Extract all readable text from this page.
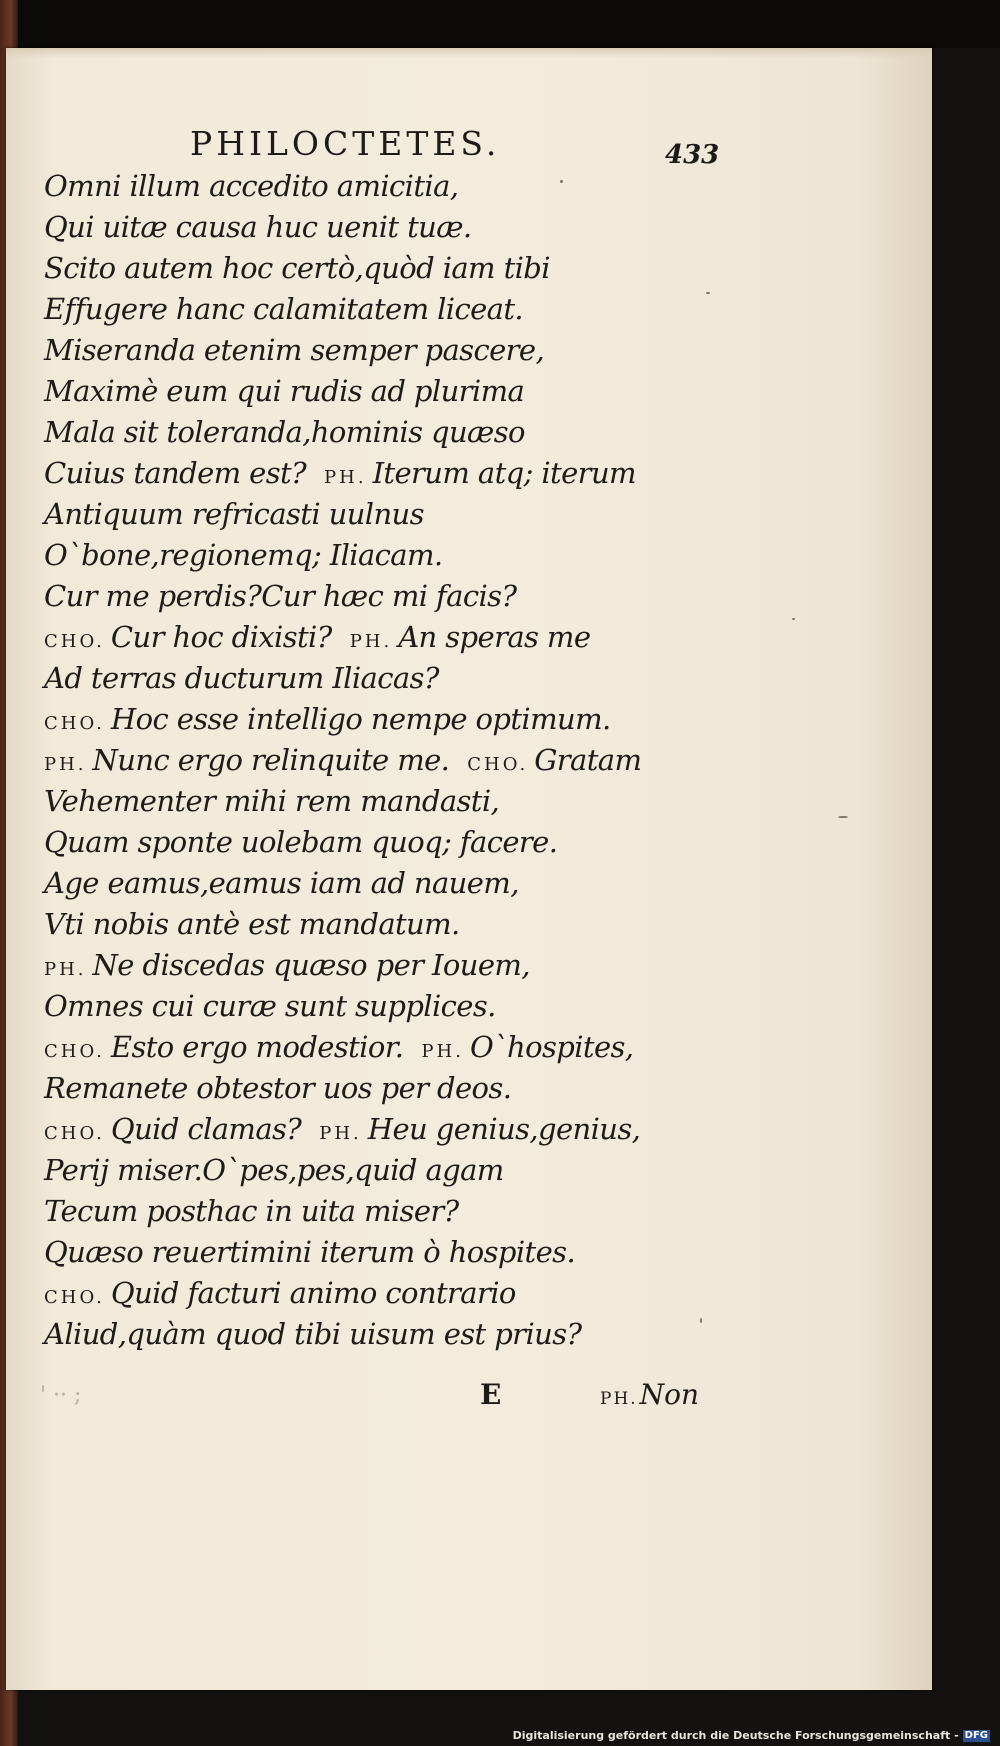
PHILOCTETES.	433
Omni illum accedito amicitia,
Qui uitæ causa huc uenit tuæ.
Scito autem hoc certò,quòd iam tibi
Effugere hanc calamitatem liceat.
Miseranda etenim semper pascere,
Maximè eum qui rudis ad plurima
Mala sit toleranda,hominis quæso
Cuius tandem est? PH. Iterum atq; iterum
Antiquum refricasti uulnus
O`bone,regionemq; Iliacam.
Cur me perdis?Cur hæc mi facis?
CHO. Cur hoc dixisti? PH. An speras me
Ad terras ducturum Iliacas?
CHO. Hoc esse intelligo nempe optimum.
PH. Nunc ergo relinquite me. CHO. Gratam
Vehementer mihi rem mandasti,
Quam sponte uolebam quoq; facere.
Age eamus,eamus iam ad nauem,
Vti nobis antè est mandatum.
PH. Ne discedas quæso per Iouem,
Omnes cui curæ sunt supplices.
CHO. Esto ergo modestior. PH. O`hospites,
Remanete obtestor uos per deos.
CHO. Quid clamas? PH. Heu genius,genius,
Perij miser.O`pes,pes,quid agam
Tecum posthac in uita miser?
Quæso reuertimini iterum ò hospites.
CHO. Quid facturi animo contrario
Aliud,quàm quod tibi uisum est prius?
' ·· ;	E	PH.Non
Digitalisierung gefördert durch die Deutsche Forschungsgemeinschaft - DFG
